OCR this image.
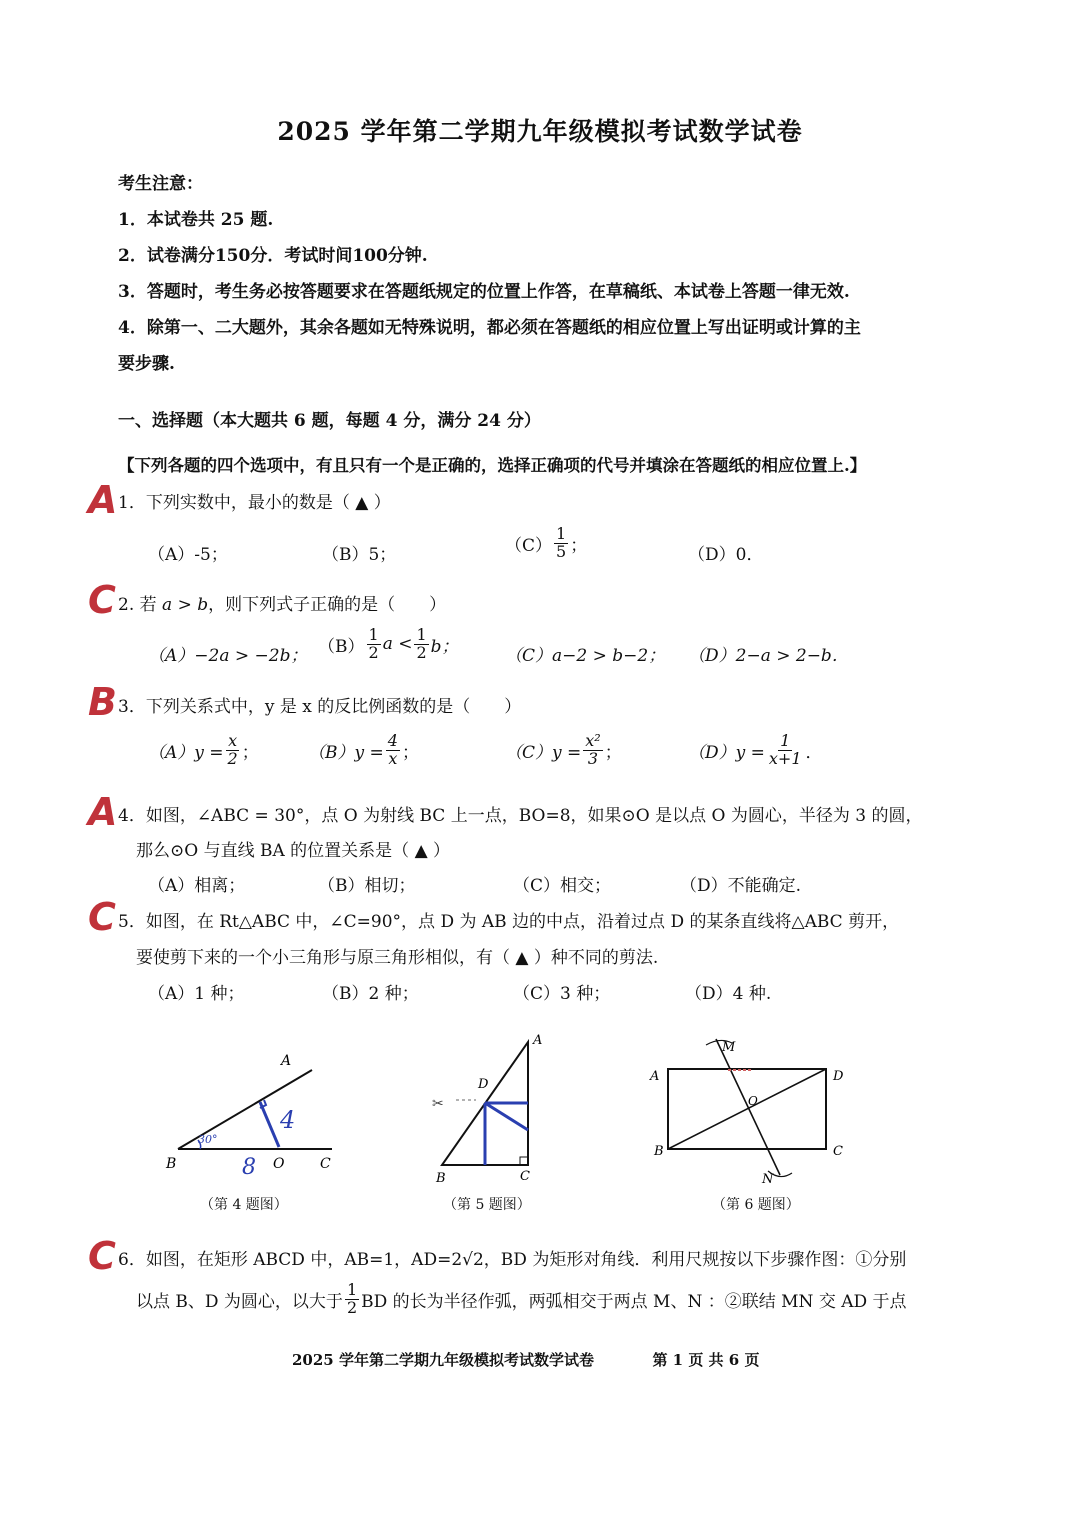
2025 学年第二学期九年级模拟考试数学试卷
考生注意：
1．本试卷共 25 题.
2．试卷满分150分．考试时间100分钟.
3．答题时，考生务必按答题要求在答题纸规定的位置上作答，在草稿纸、本试卷上答题一律无效.
4．除第一、二大题外，其余各题如无特殊说明，都必须在答题纸的相应位置上写出证明或计算的主
要步骤.
一、选择题（本大题共 6 题，每题 4 分，满分 24 分）
【下列各题的四个选项中，有且只有一个是正确的，选择正确项的代号并填涂在答题纸的相应位置上.】
A 1．下列实数中，最小的数是（ ▲ ）
（A）-5；	（B）5；	$(C) \frac{1}{5}$ ；	（D）0．
C 2. 若 a > b，则下列式子正确的是（　　）
（A）−2a > −2b； $(B) \frac{1}{2}$ $a < \frac{1}{2}$ b；	（C）a−2 > b−2； （D）2−a > 2−b．
B 3．下列关系式中，y 是 x 的反比例函数的是（　　）
$(A)y = \frac{x}{2}$ ；	$(B)y = \frac{4}{x}$ ；	$(C)y = \frac{\text{x²}}{3}$ ；	$(D)y = \frac{1}{x+1}$ ．
A 4．如图，∠ABC = 30°，点 O 为射线 BC 上一点，BO=8，如果⊙O 是以点 O 为圆心，半径为 3 的圆，
那么⊙O 与直线 BA 的位置关系是（ ▲ ）
（A）相离；	（B）相切；	（C）相交；	（D）不能确定.
C 5．如图，在 Rt△ABC 中，∠C=90°，点 D 为 AB 边的中点，沿着过点 D 的某条直线将△ABC 剪开，
要使剪下来的一个小三角形与原三角形相似，有（ ▲ ）种不同的剪法.
（A）1 种；	（B）2 种；	（C）3 种；	（D）4 种.
A
B	O	C
30°
4
8
（第 4 题图）
✂
A
D
B	C
（第 5 题图）
M
A	D
O
B	C
N
（第 6 题图）
C 6．如图，在矩形 ABCD 中，AB=1，AD=2√2，BD 为矩形对角线．利用尺规按以下步骤作图：①分别
以点 B、D 为圆心，以大于 $\frac{1}{2}$ BD 的长为半径作弧，两弧相交于两点 M、N ：②联结 MN 交 AD 于点
2025 学年第二学期九年级模拟考试数学试卷	第 1 页 共 6 页
